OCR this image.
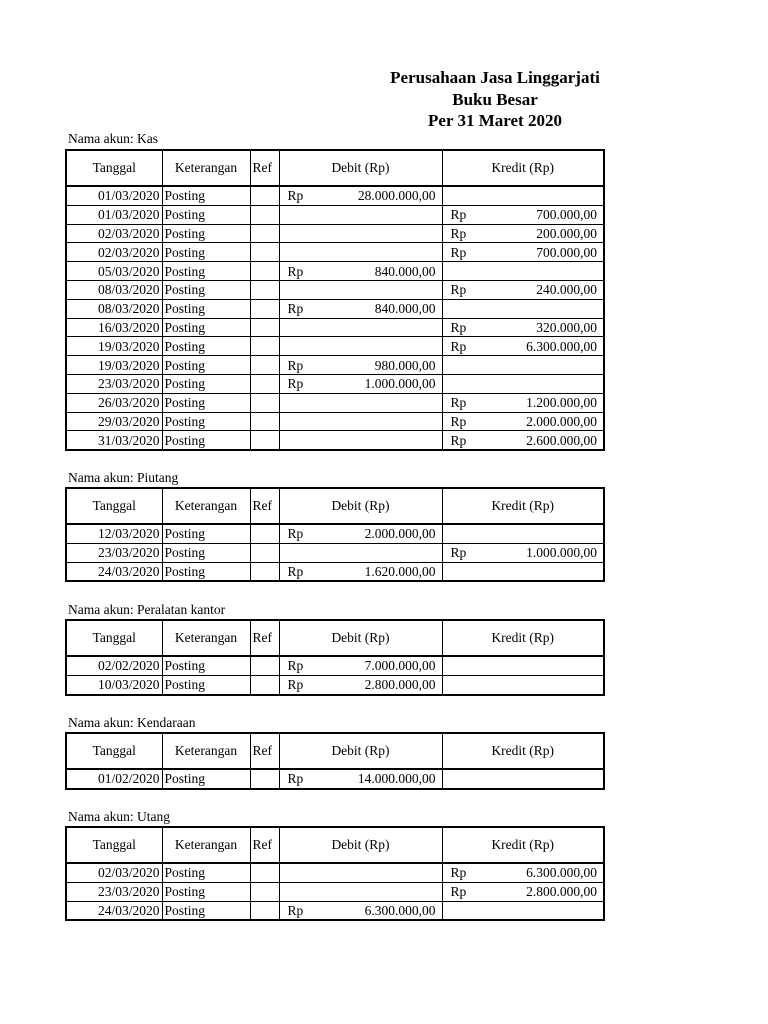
Perusahaan Jasa Linggarjati
Buku Besar
Per 31 Maret 2020
Nama akun: Kas
Tanggal	Keterangan	Ref	Debit (Rp)	Kredit (Rp)
01/03/2020	Posting		Rp 28.000.000,00	

01/03/2020	Posting			Rp 700.000,00

02/03/2020	Posting			Rp 200.000,00

02/03/2020	Posting			Rp 700.000,00

05/03/2020	Posting		Rp 840.000,00	

08/03/2020	Posting			Rp 240.000,00

08/03/2020	Posting		Rp 840.000,00	

16/03/2020	Posting			Rp 320.000,00

19/03/2020	Posting			Rp 6.300.000,00

19/03/2020	Posting		Rp 980.000,00	

23/03/2020	Posting		Rp 1.000.000,00	

26/03/2020	Posting			Rp 1.200.000,00

29/03/2020	Posting			Rp 2.000.000,00

31/03/2020	Posting			Rp 2.600.000,00
Nama akun: Piutang
Tanggal	Keterangan	Ref	Debit (Rp)	Kredit (Rp)
12/03/2020	Posting		Rp 2.000.000,00	

23/03/2020	Posting			Rp 1.000.000,00

24/03/2020	Posting		Rp 1.620.000,00	

Nama akun: Peralatan kantor
Tanggal	Keterangan	Ref	Debit (Rp)	Kredit (Rp)
02/02/2020	Posting		Rp 7.000.000,00	

10/03/2020	Posting		Rp 2.800.000,00	

Nama akun: Kendaraan
Tanggal	Keterangan	Ref	Debit (Rp)	Kredit (Rp)
01/02/2020	Posting		Rp 14.000.000,00	

Nama akun: Utang
Tanggal	Keterangan	Ref	Debit (Rp)	Kredit (Rp)
02/03/2020	Posting			Rp 6.300.000,00

23/03/2020	Posting			Rp 2.800.000,00

24/03/2020	Posting		Rp 6.300.000,00	
